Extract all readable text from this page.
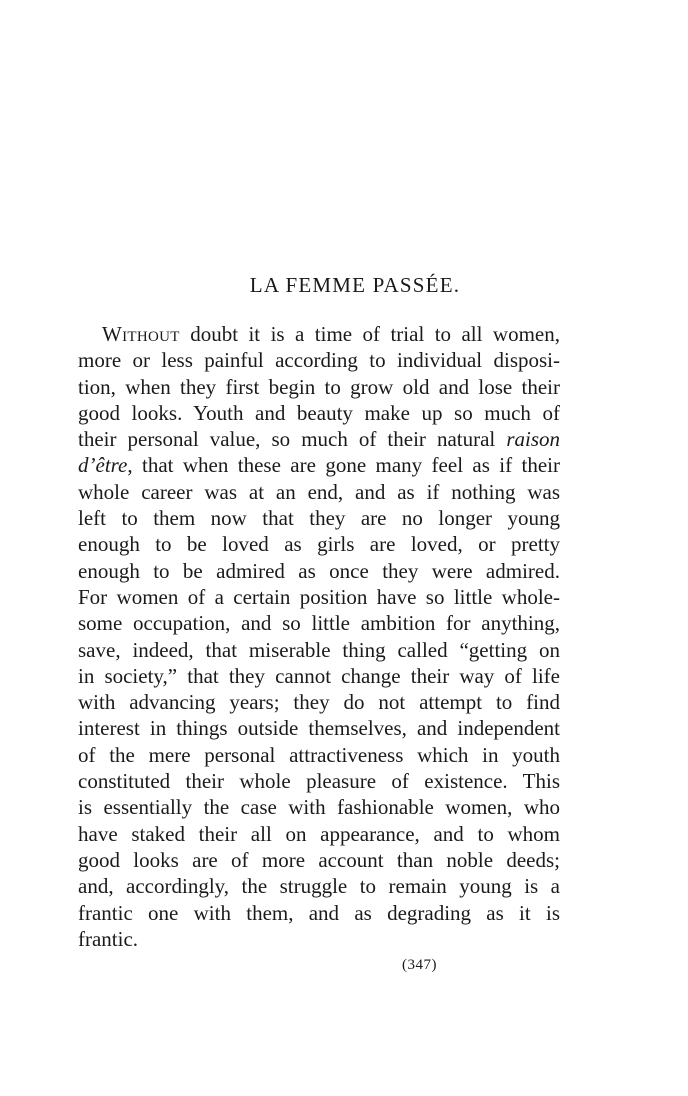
LA FEMME PASSÉE.
Without doubt it is a time of trial to all women,
more or less painful according to individual disposi-
tion, when they first begin to grow old and lose their
good looks. Youth and beauty make up so much of
their personal value, so much of their natural raison
d’être, that when these are gone many feel as if their
whole career was at an end, and as if nothing was
left to them now that they are no longer young
enough to be loved as girls are loved, or pretty
enough to be admired as once they were admired.
For women of a certain position have so little whole-
some occupation, and so little ambition for anything,
save, indeed, that miserable thing called “getting on
in society,” that they cannot change their way of life
with advancing years; they do not attempt to find
interest in things outside themselves, and independent
of the mere personal attractiveness which in youth
constituted their whole pleasure of existence. This
is essentially the case with fashionable women, who
have staked their all on appearance, and to whom
good looks are of more account than noble deeds;
and, accordingly, the struggle to remain young is a
frantic one with them, and as degrading as it is
frantic.

(347)
